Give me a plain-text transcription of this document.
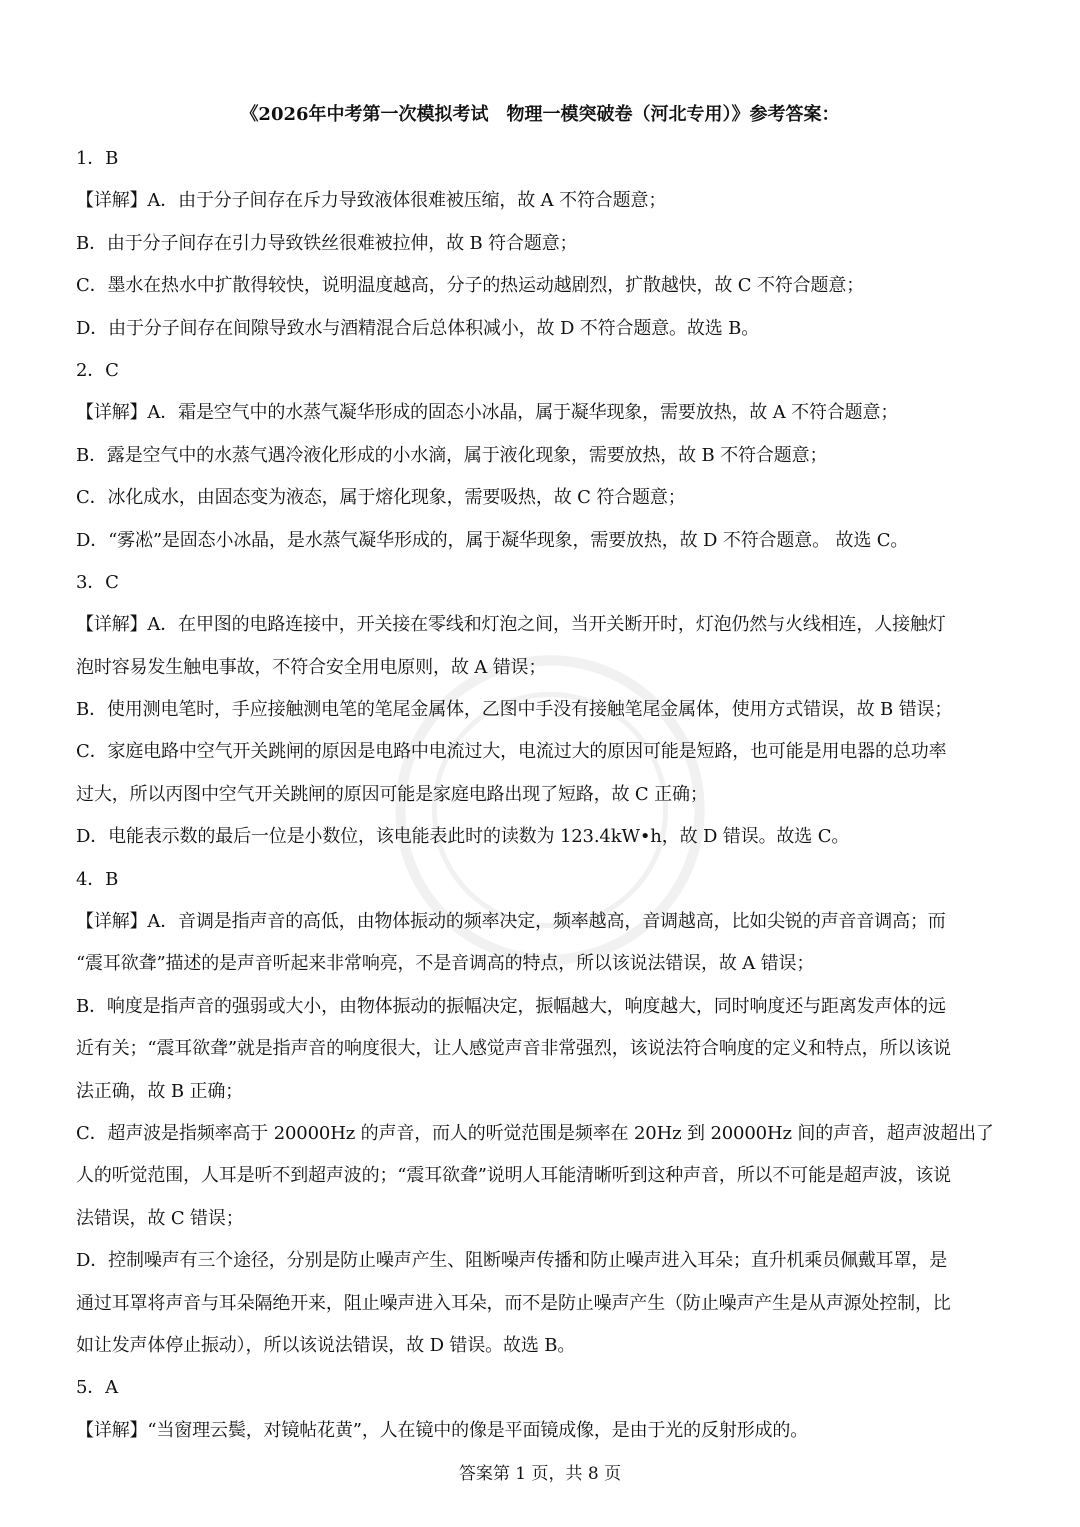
《2026年中考第一次模拟考试　物理一模突破卷（河北专用）》参考答案：
1．B
【详解】A．由于分子间存在斥力导致液体很难被压缩，故 A 不符合题意；
B．由于分子间存在引力导致铁丝很难被拉伸，故 B 符合题意；
C．墨水在热水中扩散得较快，说明温度越高，分子的热运动越剧烈，扩散越快，故 C 不符合题意；
D．由于分子间存在间隙导致水与酒精混合后总体积减小，故 D 不符合题意。故选 B。
2．C
【详解】A．霜是空气中的水蒸气凝华形成的固态小冰晶，属于凝华现象，需要放热，故 A 不符合题意；
B．露是空气中的水蒸气遇冷液化形成的小水滴，属于液化现象，需要放热，故 B 不符合题意；
C．冰化成水，由固态变为液态，属于熔化现象，需要吸热，故 C 符合题意；
D．“雾凇”是固态小冰晶，是水蒸气凝华形成的，属于凝华现象，需要放热，故 D 不符合题意。 故选 C。
3．C
【详解】A．在甲图的电路连接中，开关接在零线和灯泡之间，当开关断开时，灯泡仍然与火线相连，人接触灯
泡时容易发生触电事故，不符合安全用电原则，故 A 错误；
B．使用测电笔时，手应接触测电笔的笔尾金属体，乙图中手没有接触笔尾金属体，使用方式错误，故 B 错误；
C．家庭电路中空气开关跳闸的原因是电路中电流过大，电流过大的原因可能是短路，也可能是用电器的总功率
过大，所以丙图中空气开关跳闸的原因可能是家庭电路出现了短路，故 C 正确；
D．电能表示数的最后一位是小数位，该电能表此时的读数为 123.4kW•h，故 D 错误。故选 C。
4．B
【详解】A．音调是指声音的高低，由物体振动的频率决定，频率越高，音调越高，比如尖锐的声音音调高；而
“震耳欲聋”描述的是声音听起来非常响亮，不是音调高的特点，所以该说法错误，故 A 错误；
B．响度是指声音的强弱或大小，由物体振动的振幅决定，振幅越大，响度越大，同时响度还与距离发声体的远
近有关；“震耳欲聋”就是指声音的响度很大，让人感觉声音非常强烈，该说法符合响度的定义和特点，所以该说
法正确，故 B 正确；
C．超声波是指频率高于 20000Hz 的声音，而人的听觉范围是频率在 20Hz 到 20000Hz 间的声音，超声波超出了
人的听觉范围，人耳是听不到超声波的；“震耳欲聋”说明人耳能清晰听到这种声音，所以不可能是超声波，该说
法错误，故 C 错误；
D．控制噪声有三个途径，分别是防止噪声产生、阻断噪声传播和防止噪声进入耳朵；直升机乘员佩戴耳罩，是
通过耳罩将声音与耳朵隔绝开来，阻止噪声进入耳朵，而不是防止噪声产生（防止噪声产生是从声源处控制，比
如让发声体停止振动），所以该说法错误，故 D 错误。故选 B。
5．A
【详解】“当窗理云鬓，对镜帖花黄”，人在镜中的像是平面镜成像，是由于光的反射形成的。
答案第 1 页，共 8 页
